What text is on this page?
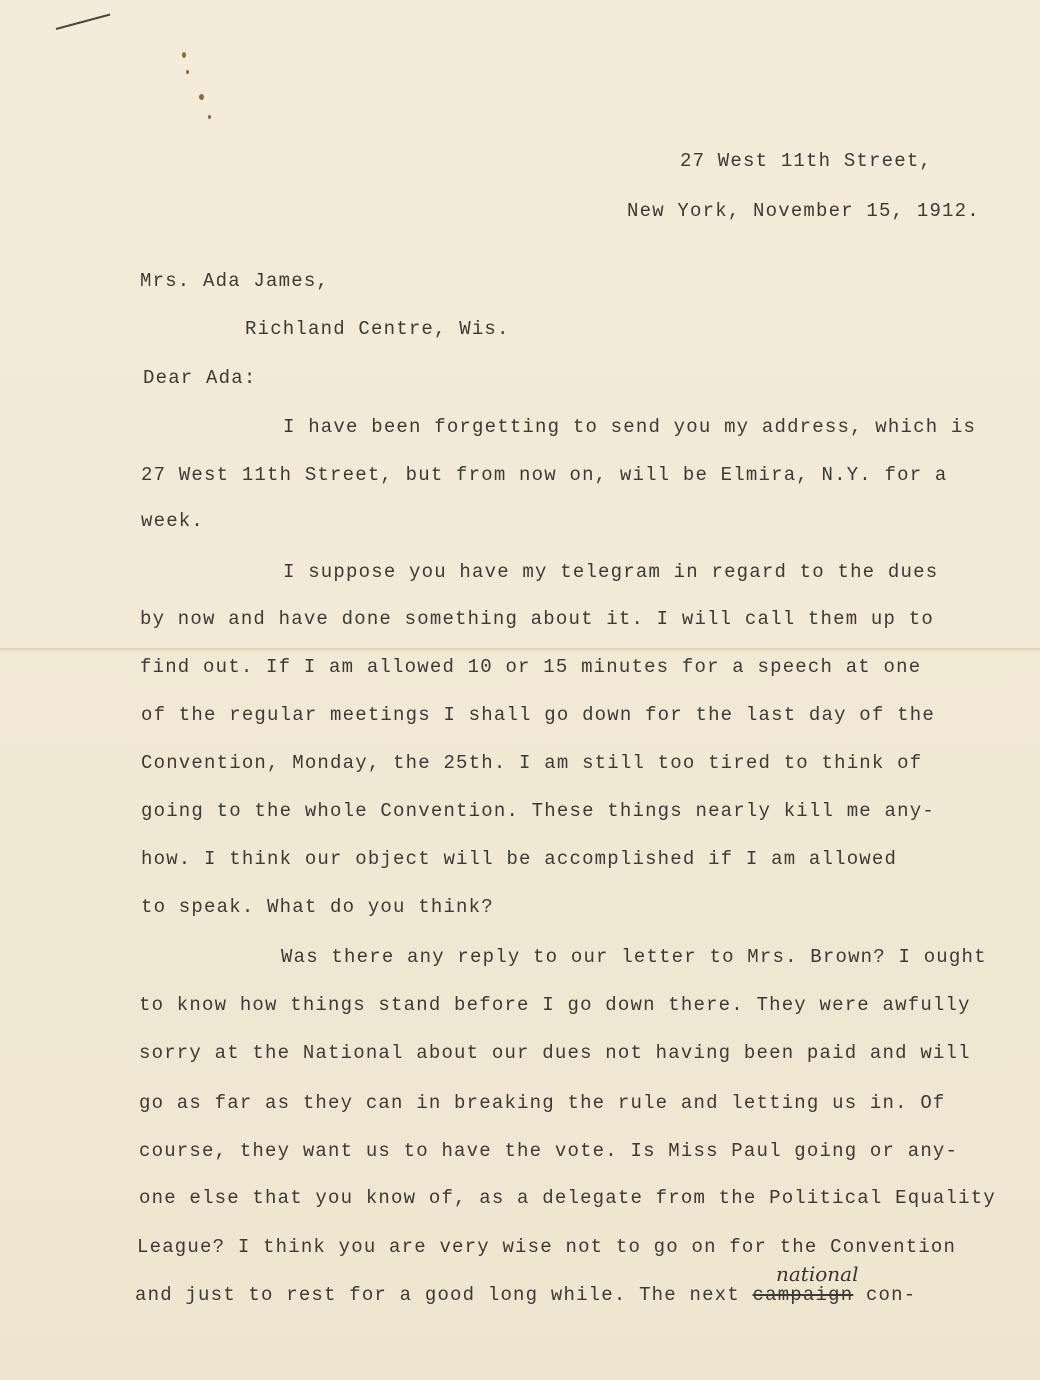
27 West 11th Street,
New York, November 15, 1912.
Mrs. Ada James,
Richland Centre, Wis.
Dear Ada:
I have been forgetting to send you my address, which is
27 West 11th Street, but from now on, will be Elmira, N.Y. for a
week.
I suppose you have my telegram in regard to the dues
by now and have done something about it. I will call them up to
find out. If I am allowed 10 or 15 minutes for a speech at one
of the regular meetings I shall go down for the last day of the
Convention, Monday, the 25th. I am still too tired to think of
going to the whole Convention. These things nearly kill me any-
how. I think our object will be accomplished if I am allowed
to speak. What do you think?
Was there any reply to our letter to Mrs. Brown? I ought
to know how things stand before I go down there. They were awfully
sorry at the National about our dues not having been paid and will
go as far as they can in breaking the rule and letting us in. Of
course, they want us to have the vote. Is Miss Paul going or any-
one else that you know of, as a delegate from the Political Equality
League? I think you are very wise not to go on for the Convention
and just to rest for a good long while. The next campaign con-
national
